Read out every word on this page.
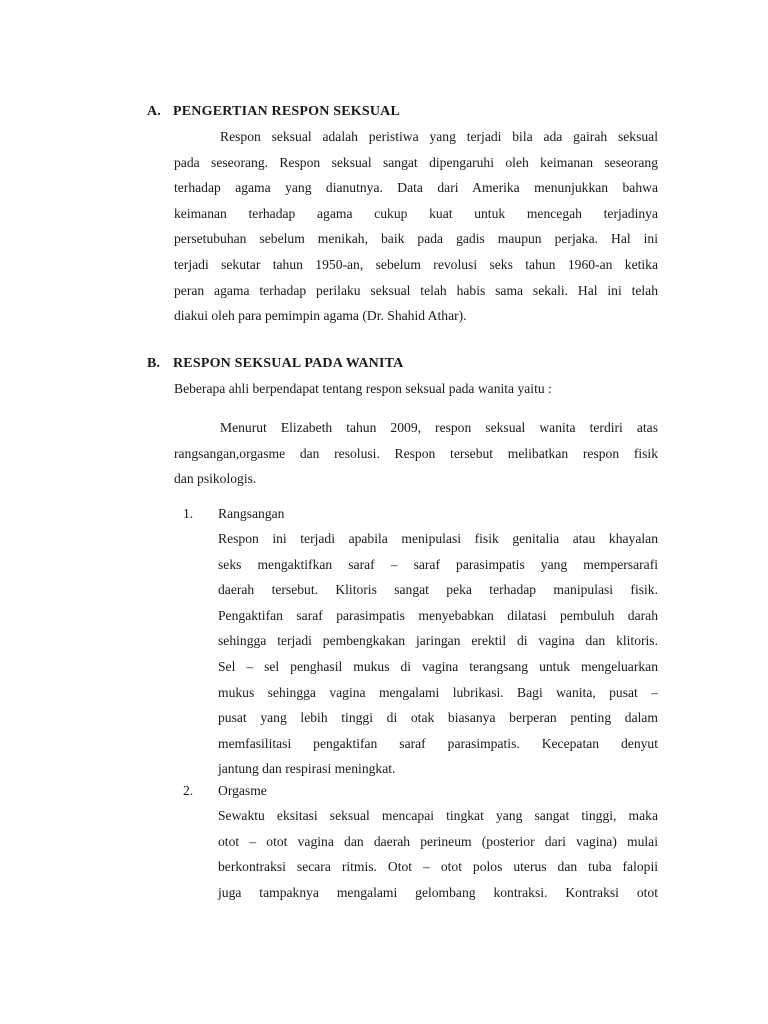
A. PENGERTIAN RESPON SEKSUAL
Respon seksual adalah peristiwa yang terjadi bila ada gairah seksual
pada seseorang. Respon seksual sangat dipengaruhi oleh keimanan seseorang
terhadap agama yang dianutnya. Data dari Amerika menunjukkan bahwa
keimanan terhadap agama cukup kuat untuk mencegah terjadinya
persetubuhan sebelum menikah, baik pada gadis maupun perjaka. Hal ini
terjadi sekutar tahun 1950-an, sebelum revolusi seks tahun 1960-an ketika
peran agama terhadap perilaku seksual telah habis sama sekali. Hal ini telah
diakui oleh para pemimpin agama (Dr. Shahid Athar).
B. RESPON SEKSUAL PADA WANITA
Beberapa ahli berpendapat tentang respon seksual pada wanita yaitu :
Menurut Elizabeth tahun 2009, respon seksual wanita terdiri atas
rangsangan,orgasme dan resolusi. Respon tersebut melibatkan respon fisik
dan psikologis.
1. Rangsangan
Respon ini terjadi apabila menipulasi fisik genitalia atau khayalan
seks mengaktifkan saraf – saraf parasimpatis yang mempersarafi
daerah tersebut. Klitoris sangat peka terhadap manipulasi fisik.
Pengaktifan saraf parasimpatis menyebabkan dilatasi pembuluh darah
sehingga terjadi pembengkakan jaringan erektil di vagina dan klitoris.
Sel – sel penghasil mukus di vagina terangsang untuk mengeluarkan
mukus sehingga vagina mengalami lubrikasi. Bagi wanita, pusat –
pusat yang lebih tinggi di otak biasanya berperan penting dalam
memfasilitasi pengaktifan saraf parasimpatis. Kecepatan denyut
jantung dan respirasi meningkat.
2. Orgasme
Sewaktu eksitasi seksual mencapai tingkat yang sangat tinggi, maka
otot – otot vagina dan daerah perineum (posterior dari vagina) mulai
berkontraksi secara ritmis. Otot – otot polos uterus dan tuba falopii
juga tampaknya mengalami gelombang kontraksi. Kontraksi otot
